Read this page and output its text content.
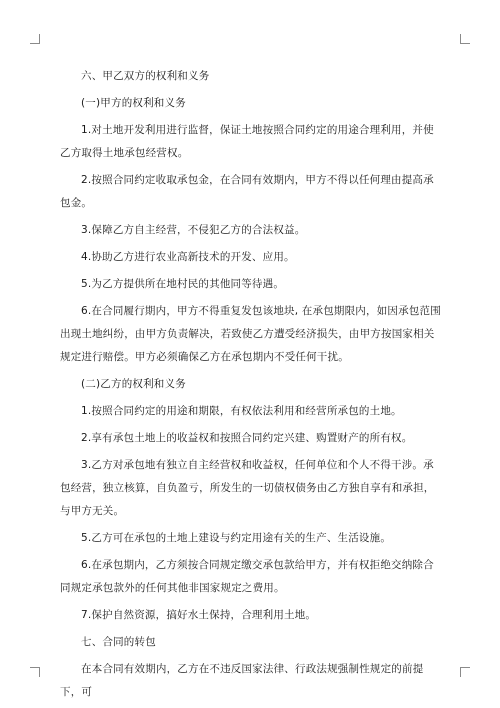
六、甲乙双方的权利和义务

(一)甲方的权利和义务

1.对土地开发利用进行监督，保证土地按照合同约定的用途合理利用，并使乙方取得土地承包经营权。

2.按照合同约定收取承包金，在合同有效期内，甲方不得以任何理由提高承包金。

3.保障乙方自主经营，不侵犯乙方的合法权益。

4.协助乙方进行农业高新技术的开发、应用。

5.为乙方提供所在地村民的其他同等待遇。

6.在合同履行期内，甲方不得重复发包该地块, 在承包期限内，如因承包范围出现土地纠纷，由甲方负责解决，若致使乙方遭受经济损失，由甲方按国家相关规定进行赔偿。甲方必须确保乙方在承包期内不受任何干扰。

(二)乙方的权利和义务

1.按照合同约定的用途和期限，有权依法利用和经营所承包的土地。

2.享有承包土地上的收益权和按照合同约定兴建、购置财产的所有权。

3.乙方对承包地有独立自主经营权和收益权，任何单位和个人不得干涉。承包经营，独立核算，自负盈亏，所发生的一切债权债务由乙方独自享有和承担，与甲方无关。

5.乙方可在承包的土地上建设与约定用途有关的生产、生活设施。

6.在承包期内，乙方须按合同规定缴交承包款给甲方，并有权拒绝交纳除合同规定承包款外的任何其他非国家规定之费用。

7.保护自然资源，搞好水土保持，合理利用土地。

七、合同的转包

在本合同有效期内，乙方在不违反国家法律、行政法规强制性规定的前提下，可
